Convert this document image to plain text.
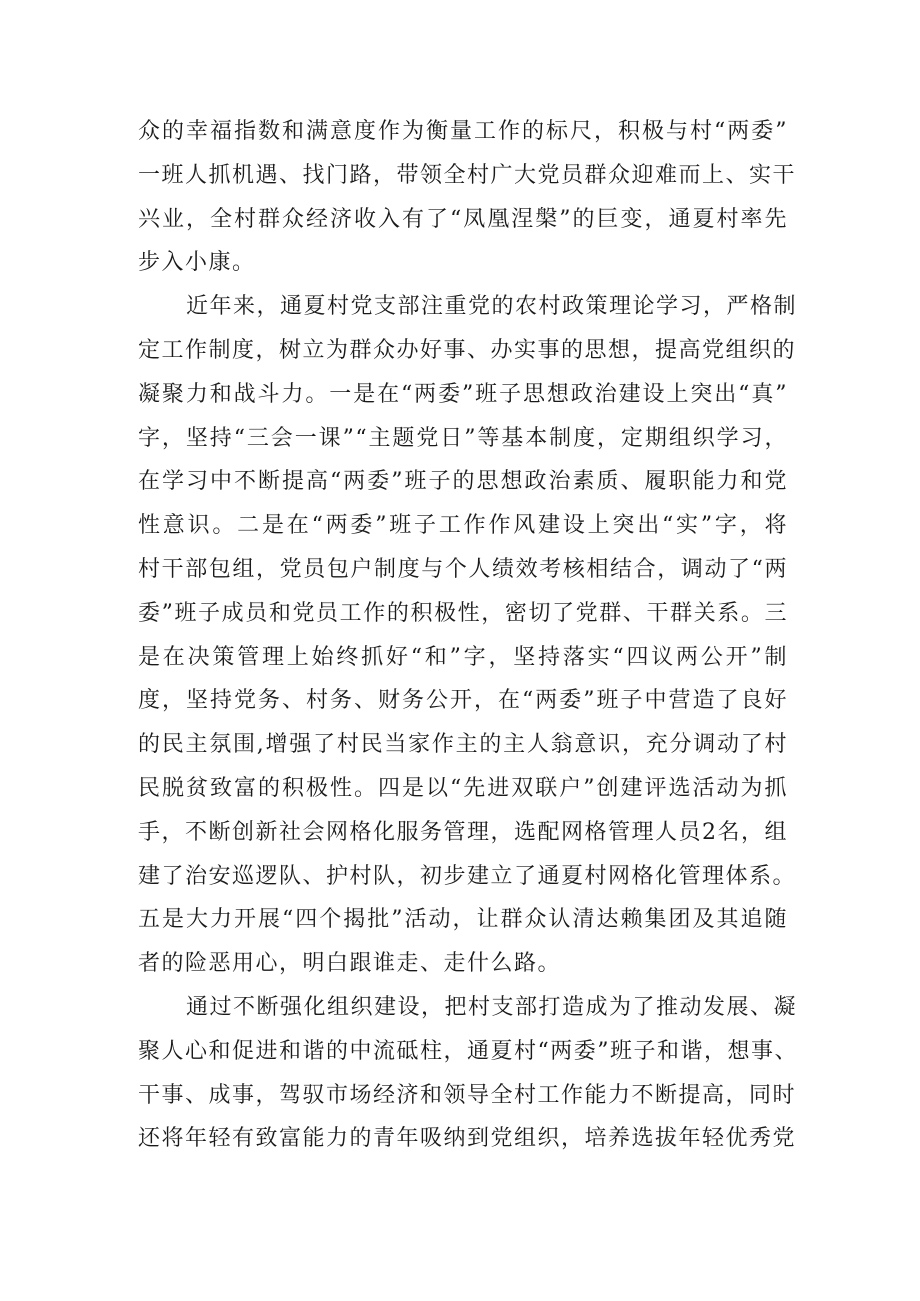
众的幸福指数和满意度作为衡量工作的标尺，积极与村“两委”
一班人抓机遇、找门路，带领全村广大党员群众迎难而上、实干
兴业，全村群众经济收入有了“凤凰涅槃”的巨变，通夏村率先
步入小康。
近年来，通夏村党支部注重党的农村政策理论学习，严格制
定工作制度，树立为群众办好事、办实事的思想，提高党组织的
凝聚力和战斗力。一是在“两委”班子思想政治建设上突出“真”
字，坚持“三会一课”“主题党日”等基本制度，定期组织学习，
在学习中不断提高“两委”班子的思想政治素质、履职能力和党
性意识。二是在“两委”班子工作作风建设上突出“实”字，将
村干部包组，党员包户制度与个人绩效考核相结合，调动了“两
委”班子成员和党员工作的积极性，密切了党群、干群关系。三
是在决策管理上始终抓好“和”字，坚持落实“四议两公开”制
度，坚持党务、村务、财务公开，在“两委”班子中营造了良好
的民主氛围,增强了村民当家作主的主人翁意识，充分调动了村
民脱贫致富的积极性。四是以“先进双联户”创建评选活动为抓
手，不断创新社会网格化服务管理，选配网格管理人员2名，组
建了治安巡逻队、护村队，初步建立了通夏村网格化管理体系。
五是大力开展“四个揭批”活动，让群众认清达赖集团及其追随
者的险恶用心，明白跟谁走、走什么路。
通过不断强化组织建设，把村支部打造成为了推动发展、凝
聚人心和促进和谐的中流砥柱，通夏村“两委”班子和谐，想事、
干事、成事，驾驭市场经济和领导全村工作能力不断提高，同时
还将年轻有致富能力的青年吸纳到党组织，培养选拔年轻优秀党
